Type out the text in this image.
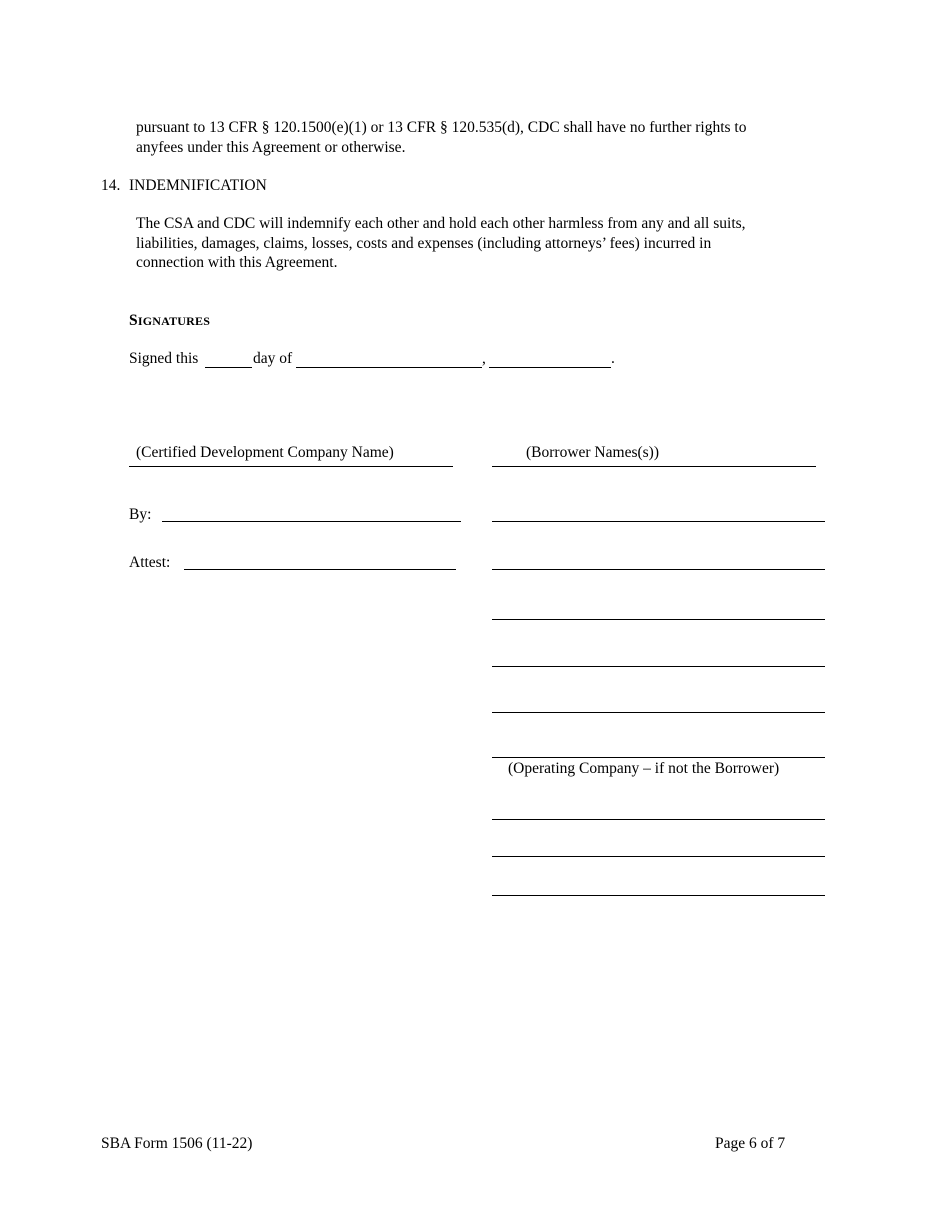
pursuant to 13 CFR § 120.1500(e)(1) or 13 CFR § 120.535(d), CDC shall have no further rights to
anyfees under this Agreement or otherwise.
14. INDEMNIFICATION
The CSA and CDC will indemnify each other and hold each other harmless from any and all suits,
liabilities, damages, claims, losses, costs and expenses (including attorneys’ fees) incurred in
connection with this Agreement.
SIGNATURES
Signed this	day of	,	.
(Certified Development Company Name)
By:
Attest:
(Borrower Names(s))
(Operating Company – if not the Borrower)
SBA Form 1506 (11-22)	Page 6 of 7
